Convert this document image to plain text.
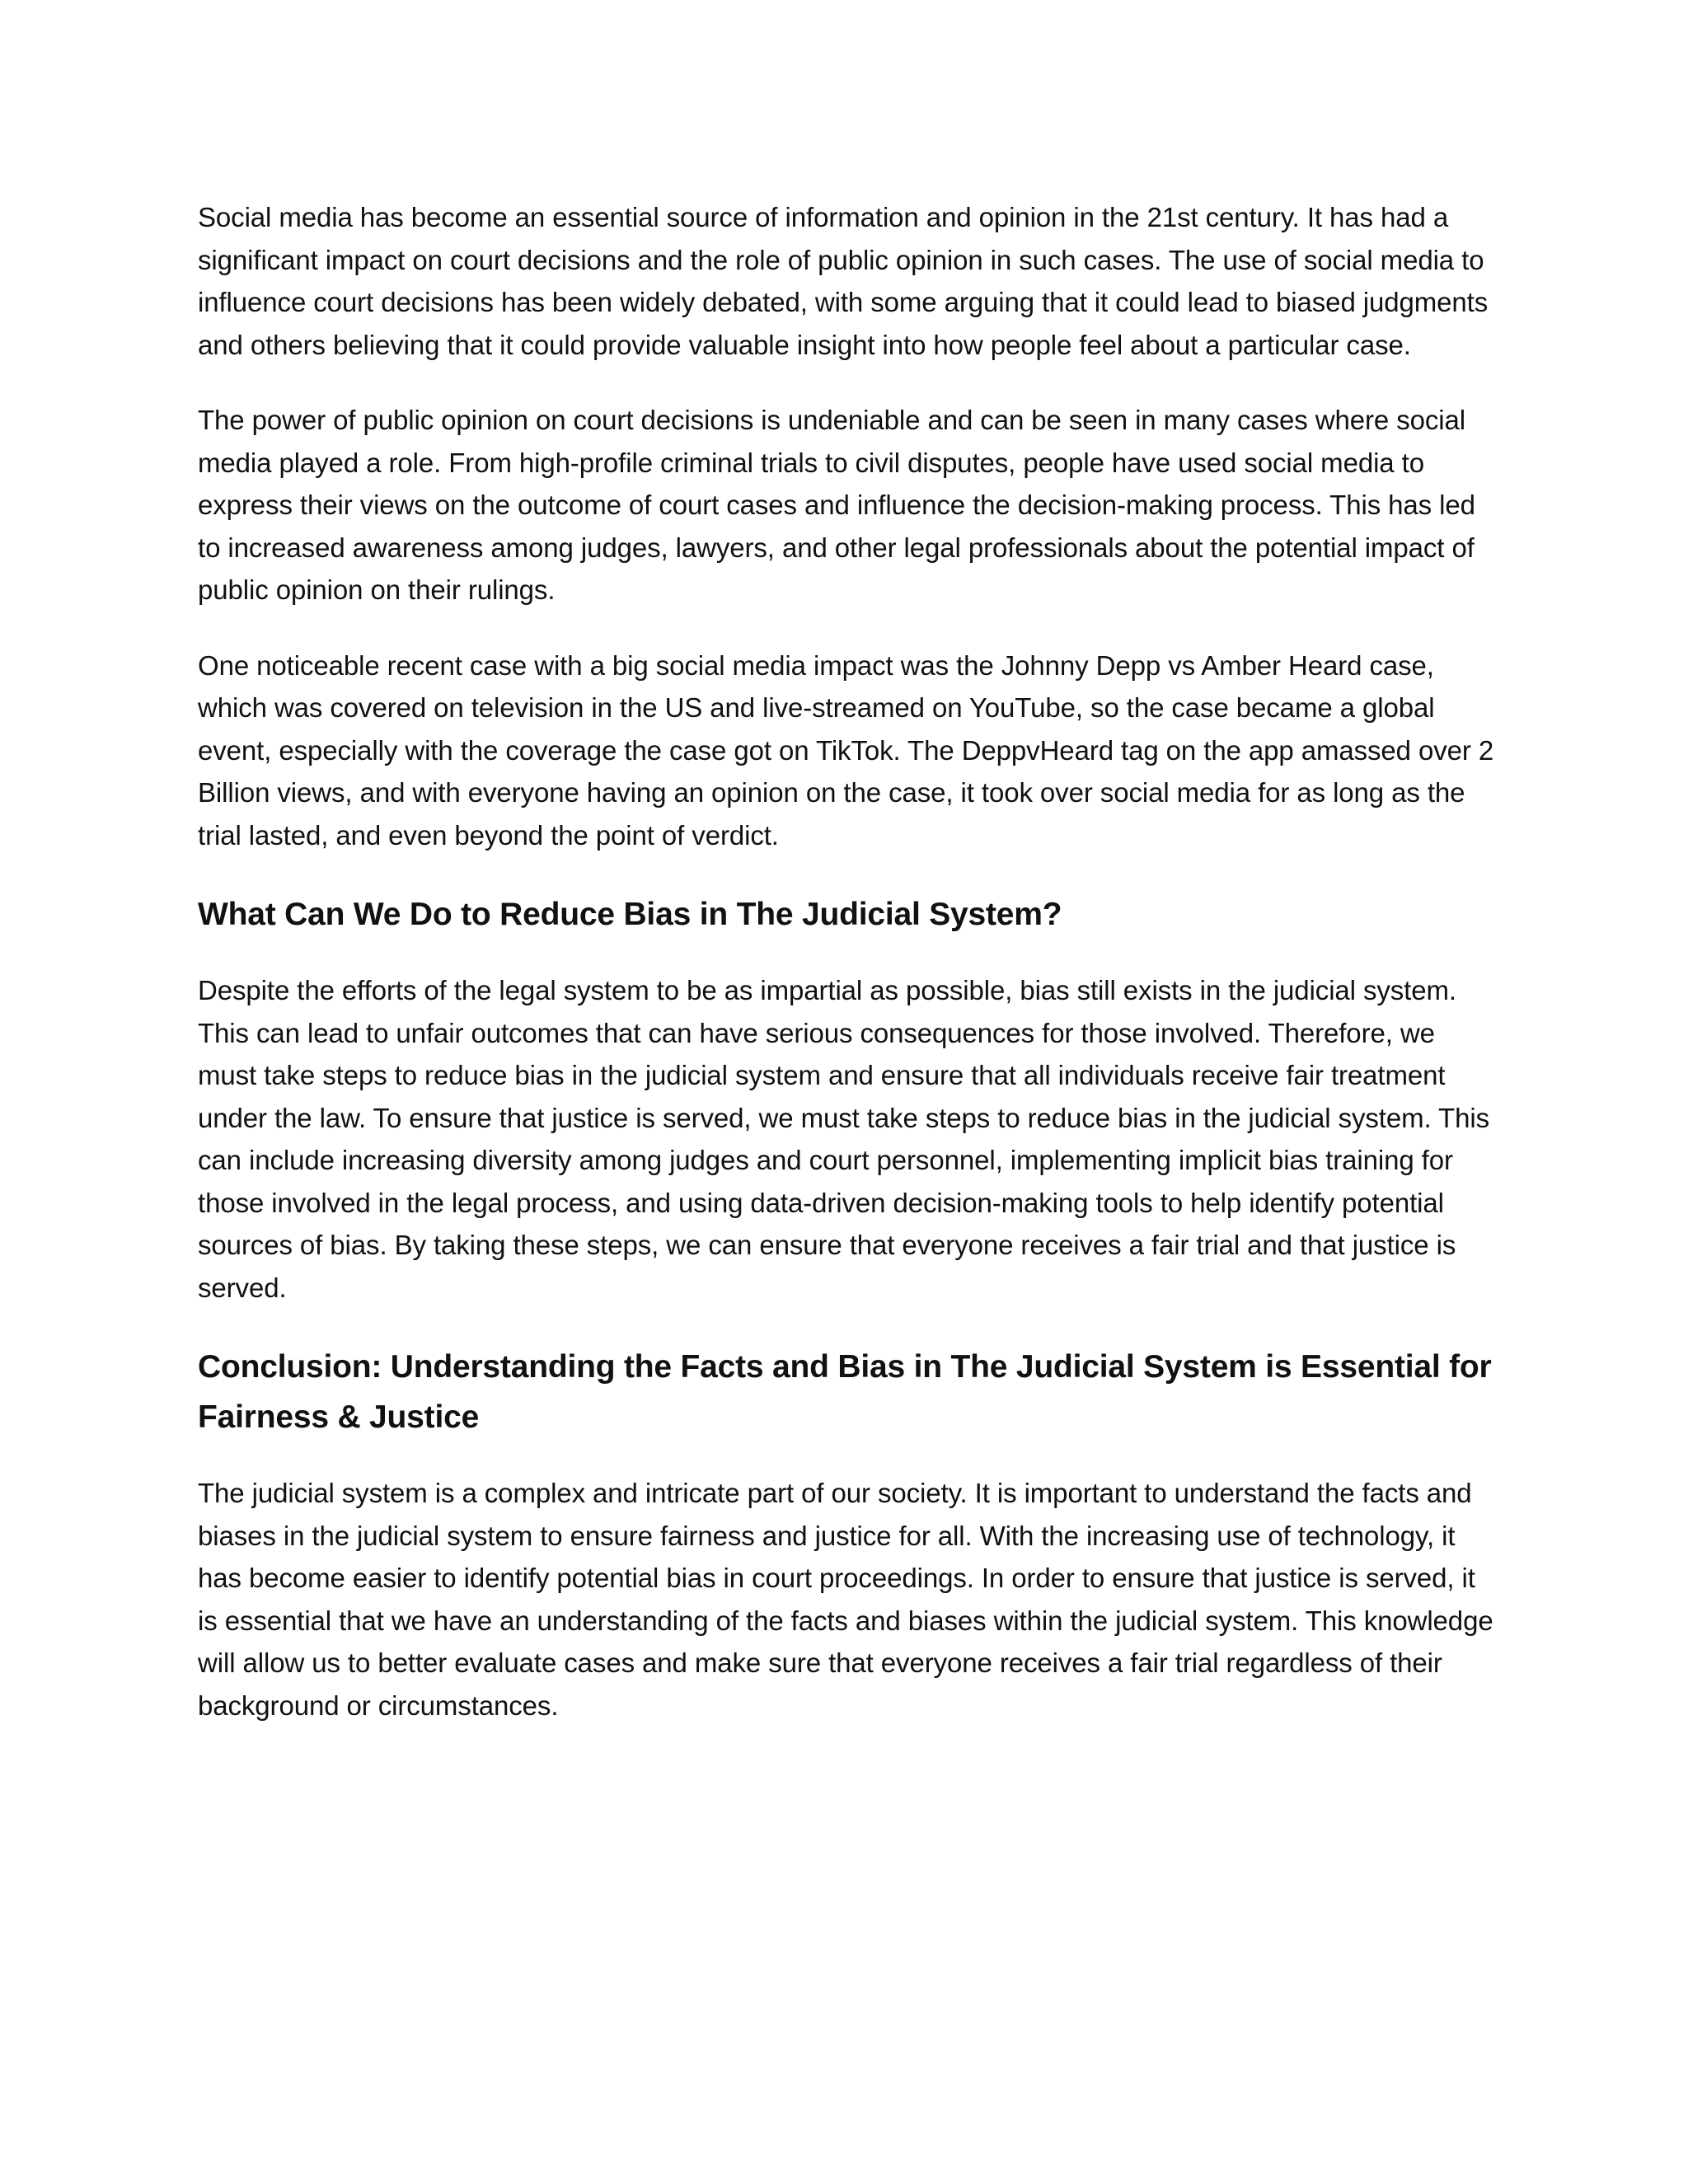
Social media has become an essential source of information and opinion in the 21st century. It has had a significant impact on court decisions and the role of public opinion in such cases. The use of social media to influence court decisions has been widely debated, with some arguing that it could lead to biased judgments and others believing that it could provide valuable insight into how people feel about a particular case.

The power of public opinion on court decisions is undeniable and can be seen in many cases where social media played a role. From high-profile criminal trials to civil disputes, people have used social media to express their views on the outcome of court cases and influence the decision-making process. This has led to increased awareness among judges, lawyers, and other legal professionals about the potential impact of public opinion on their rulings.

One noticeable recent case with a big social media impact was the Johnny Depp vs Amber Heard case, which was covered on television in the US and live-streamed on YouTube, so the case became a global event, especially with the coverage the case got on TikTok. The DeppvHeard tag on the app amassed over 2 Billion views, and with everyone having an opinion on the case, it took over social media for as long as the trial lasted, and even beyond the point of verdict.

What Can We Do to Reduce Bias in The Judicial System?

Despite the efforts of the legal system to be as impartial as possible, bias still exists in the judicial system. This can lead to unfair outcomes that can have serious consequences for those involved. Therefore, we must take steps to reduce bias in the judicial system and ensure that all individuals receive fair treatment under the law. To ensure that justice is served, we must take steps to reduce bias in the judicial system. This can include increasing diversity among judges and court personnel, implementing implicit bias training for those involved in the legal process, and using data-driven decision-making tools to help identify potential sources of bias. By taking these steps, we can ensure that everyone receives a fair trial and that justice is served.

Conclusion: Understanding the Facts and Bias in The Judicial System is Essential for Fairness & Justice

The judicial system is a complex and intricate part of our society. It is important to understand the facts and biases in the judicial system to ensure fairness and justice for all. With the increasing use of technology, it has become easier to identify potential bias in court proceedings. In order to ensure that justice is served, it is essential that we have an understanding of the facts and biases within the judicial system. This knowledge will allow us to better evaluate cases and make sure that everyone receives a fair trial regardless of their background or circumstances.
